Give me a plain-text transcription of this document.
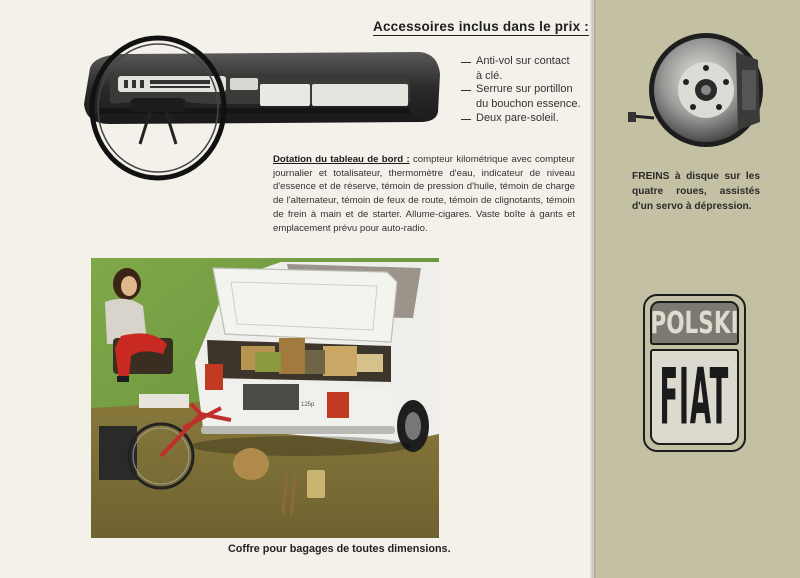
Accessoires inclus dans le prix :
Anti-vol sur contact
à clé.
Serrure sur portillon
du bouchon essence.
Deux pare-soleil.
Dotation du tableau de bord : compteur kilométrique avec compteur journalier et totalisateur, thermomètre d'eau, indicateur de niveau d'essence et de réserve, témoin de pression d'huile, témoin de charge de l'alternateur, témoin de feux de route, témoin de clignotants, témoin de frein à main et de starter. Allume-cigares. Vaste boîte à gants et emplacement prévu pour auto-radio.
125p
Coffre pour bagages de toutes dimensions.
FREINS à disque sur les quatre roues, assistés d'un servo à dépression.
POLSKI
FIAT
